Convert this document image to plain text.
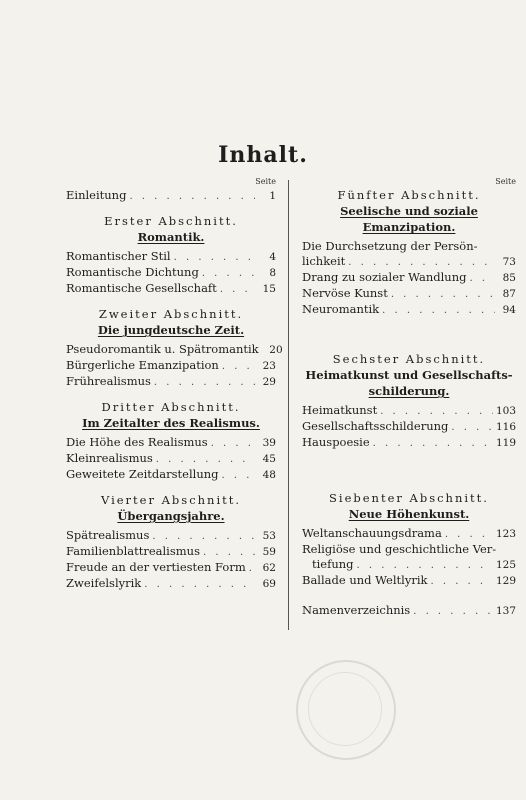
Inhalt.
Seite
Einleitung . . .	1
Erster Abschnitt.
Romantik.
Romantischer Stil . . .	4
Romantische Dichtung . . .	8
Romantische Gesellschaft . . .	15
Zweiter Abschnitt.
Die jungdeutsche Zeit.
Pseudoromantik u. Spätromantik	20
Bürgerliche Emanzipation . . .	23
Frührealismus . . .	29
Dritter Abschnitt.
Im Zeitalter des Realismus.
Die Höhe des Realismus . . .	39
Kleinrealismus . . .	45
Geweitete Zeitdarstellung . . .	48
Vierter Abschnitt.
Übergangsjahre.
Spätrealismus . . .	53
Familienblattrealismus . . .	59
Freude an der vertiesten Form . . .	62
Zweifelslyrik . . .	69
Seite
Fünfter Abschnitt.
Seelische und soziale Emanzipation.
Die Durchsetzung der Persön-
lichkeit . . .	73
Drang zu sozialer Wandlung . . .	85
Nervöse Kunst . . .	87
Neuromantik . . .	94
Sechster Abschnitt.
Heimatkunst und Gesellschafts-
schilderung.
Heimatkunst . . .	103
Gesellschaftsschilderung . . .	116
Hauspoesie . . .	119
Siebenter Abschnitt.
Neue Höhenkunst.
Weltanschauungsdrama . . .	123
Religiöse und geschichtliche Ver-
tiefung . . .	125
Ballade und Weltlyrik . . .	129
Namenverzeichnis . . .	137
